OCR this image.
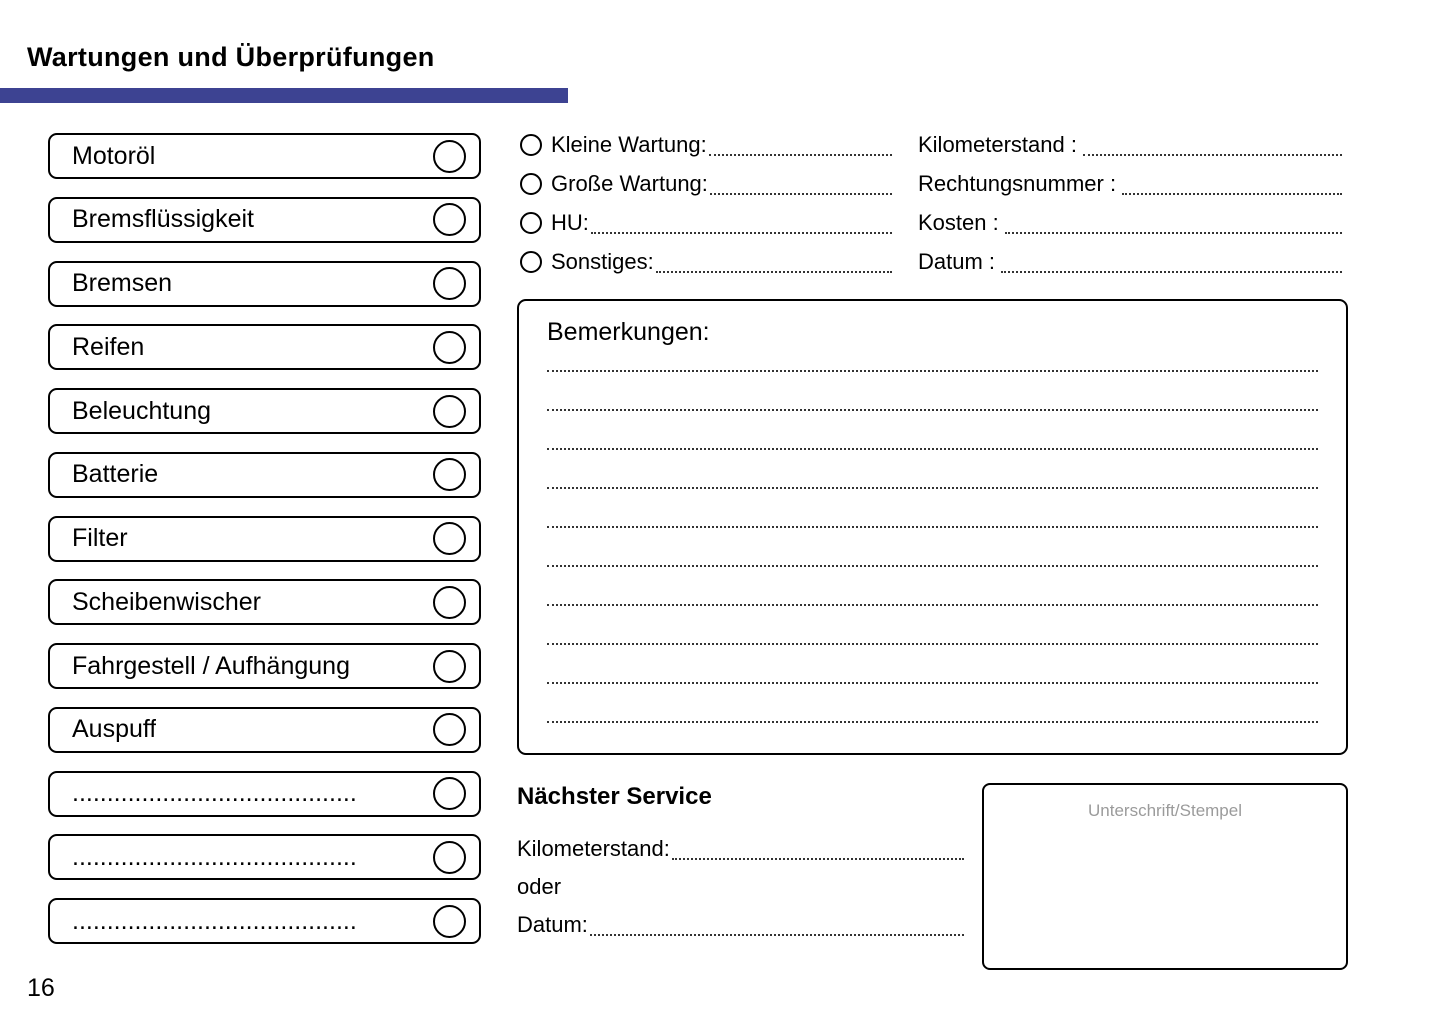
Wartungen und Überprüfungen
Motoröl
Bremsflüssigkeit
Bremsen
Reifen
Beleuchtung
Batterie
Filter
Scheibenwischer
Fahrgestell / Aufhängung
Auspuff
.........................................
.........................................
.........................................
Kleine Wartung:
Große Wartung:
HU:
Sonstiges:
Kilometerstand :
Rechtungsnummer :
Kosten :
Datum :
Bemerkungen:
Nächster Service
Kilometerstand:
oder
Datum:
Unterschrift/Stempel
16
